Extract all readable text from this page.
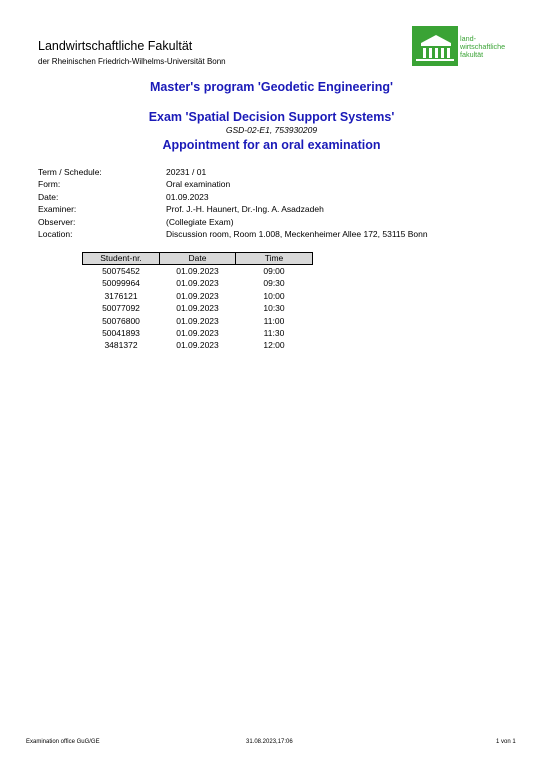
Landwirtschaftliche Fakultät
der Rheinischen Friedrich-Wilhelms-Universität Bonn
land-
wirtschaftliche
fakultät
Master's program 'Geodetic Engineering'
Exam 'Spatial Decision Support Systems'
GSD-02-E1, 753930209
Appointment for an oral examination
Term / Schedule:	20231 / 01
Form:	Oral examination
Date:	01.09.2023
Examiner:	Prof. J.-H. Haunert, Dr.-Ing. A. Asadzadeh
Observer:	(Collegiate Exam)
Location:	Discussion room, Room 1.008, Meckenheimer Allee 172, 53115 Bonn
Student-nr.	Date	Time
50075452	01.09.2023	09:00
50099964	01.09.2023	09:30
3176121	01.09.2023	10:00
50077092	01.09.2023	10:30
50076800	01.09.2023	11:00
50041893	01.09.2023	11:30
3481372	01.09.2023	12:00
Examination office GuG/GE	31.08.2023,17:06	1 von 1
